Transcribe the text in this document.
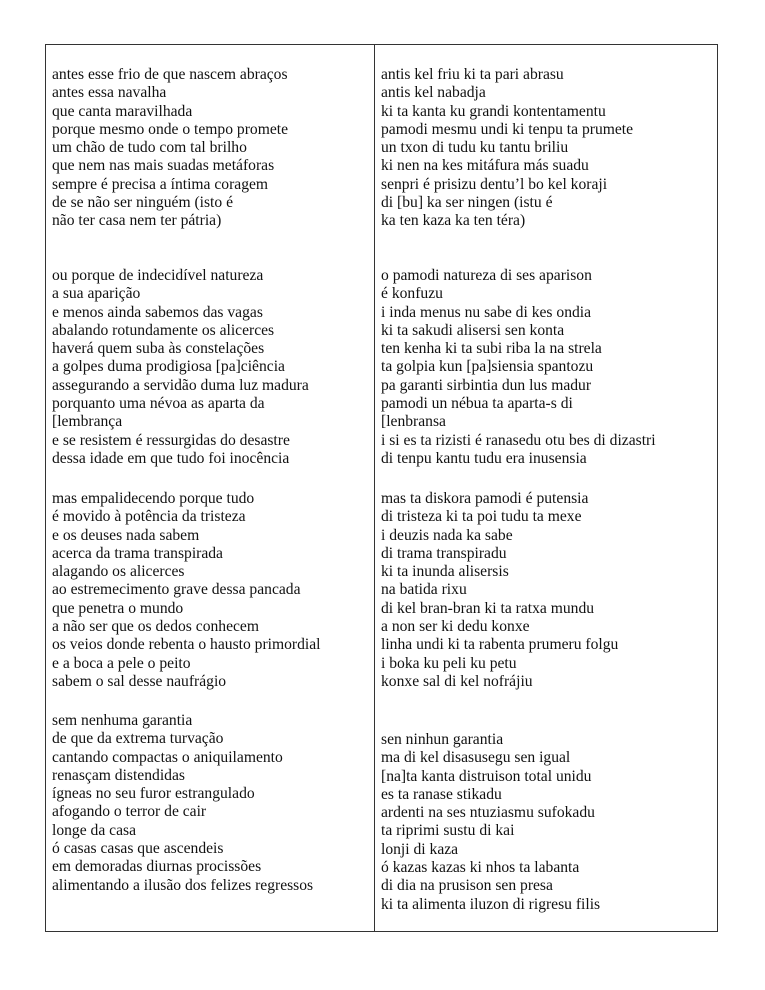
antes esse frio de que nascem abraços
antes essa navalha
que canta maravilhada
porque mesmo onde o tempo promete
um chão de tudo com tal brilho
que nem nas mais suadas metáforas
sempre é precisa a íntima coragem
de se não ser ninguém (isto é
não ter casa nem ter pátria)
ou porque de indecidível natureza
a sua aparição
e menos ainda sabemos das vagas
abalando rotundamente os alicerces
haverá quem suba às constelações
a golpes duma prodigiosa [pa]ciência
assegurando a servidão duma luz madura
porquanto uma névoa as aparta da
[lembrança
e se resistem é ressurgidas do desastre
dessa idade em que tudo foi inocência
mas empalidecendo porque tudo
é movido à potência da tristeza
e os deuses nada sabem
acerca da trama transpirada
alagando os alicerces
ao estremecimento grave dessa pancada
que penetra o mundo
a não ser que os dedos conhecem
os veios donde rebenta o hausto primordial
e a boca a pele o peito
sabem o sal desse naufrágio
sem nenhuma garantia
de que da extrema turvação
cantando compactas o aniquilamento
renasçam distendidas
ígneas no seu furor estrangulado
afogando o terror de cair
longe da casa
ó casas casas que ascendeis
em demoradas diurnas procissões
alimentando a ilusão dos felizes regressos
antis kel friu ki ta pari abrasu
antis kel nabadja
ki ta kanta ku grandi kontentamentu
pamodi mesmu undi ki tenpu ta prumete
un txon di tudu ku tantu briliu
ki nen na kes mitáfura más suadu
senpri é prisizu dentu’l bo kel koraji
di [bu] ka ser ningen (istu é
ka ten kaza ka ten téra)
o pamodi natureza di ses aparison
é konfuzu
i inda menus nu sabe di kes ondia
ki ta sakudi alisersi sen konta
ten kenha ki ta subi riba la na strela
ta golpia kun [pa]siensia spantozu
pa garanti sirbintia dun lus madur
pamodi un nébua ta aparta-s di
[lenbransa
i si es ta rizisti é ranasedu otu bes di dizastri
di tenpu kantu tudu era inusensia
mas ta diskora pamodi é putensia
di tristeza ki ta poi tudu ta mexe
i deuzis nada ka sabe
di trama transpiradu
ki ta inunda alisersis
na batida rixu
di kel bran-bran ki ta ratxa mundu
a non ser ki dedu konxe
linha undi ki ta rabenta prumeru folgu
i boka ku peli ku petu
konxe sal di kel nofrájiu
sen ninhun garantia
ma di kel disasusegu sen igual
[na]ta kanta distruison total unidu
es ta ranase stikadu
ardenti na ses ntuziasmu sufokadu
ta riprimi sustu di kai
lonji di kaza
ó kazas kazas ki nhos ta labanta
di dia na prusison sen presa
ki ta alimenta iluzon di rigresu filis
